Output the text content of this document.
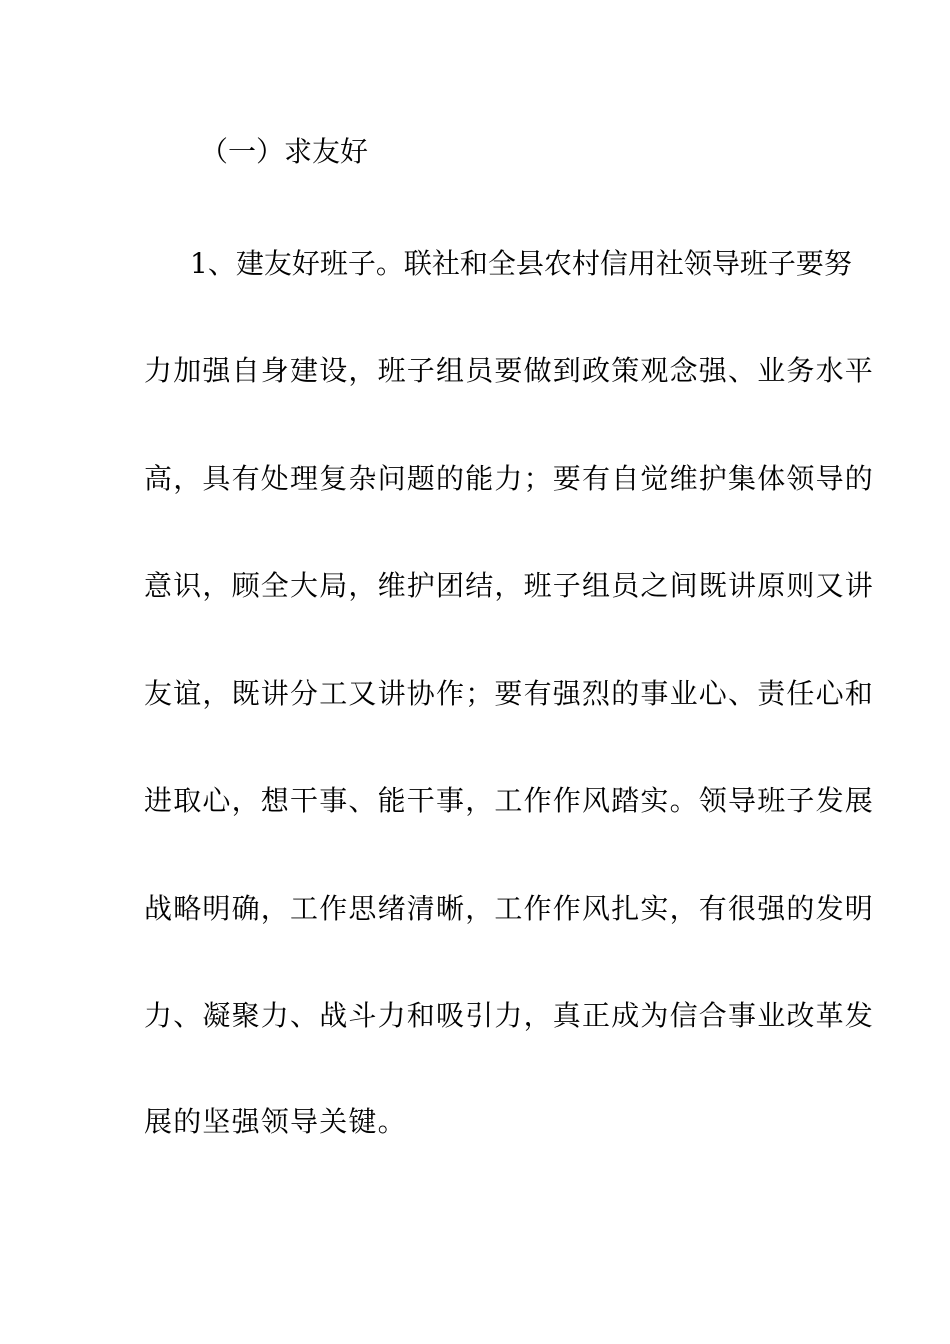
（一）求友好
1、建友好班子。联社和全县农村信用社领导班子要努
力加强自身建设，班子组员要做到政策观念强、业务水平
高，具有处理复杂问题的能力；要有自觉维护集体领导的
意识，顾全大局，维护团结，班子组员之间既讲原则又讲
友谊，既讲分工又讲协作；要有强烈的事业心、责任心和
进取心，想干事、能干事，工作作风踏实。领导班子发展
战略明确，工作思绪清晰，工作作风扎实，有很强的发明
力、凝聚力、战斗力和吸引力，真正成为信合事业改革发
展的坚强领导关键。
